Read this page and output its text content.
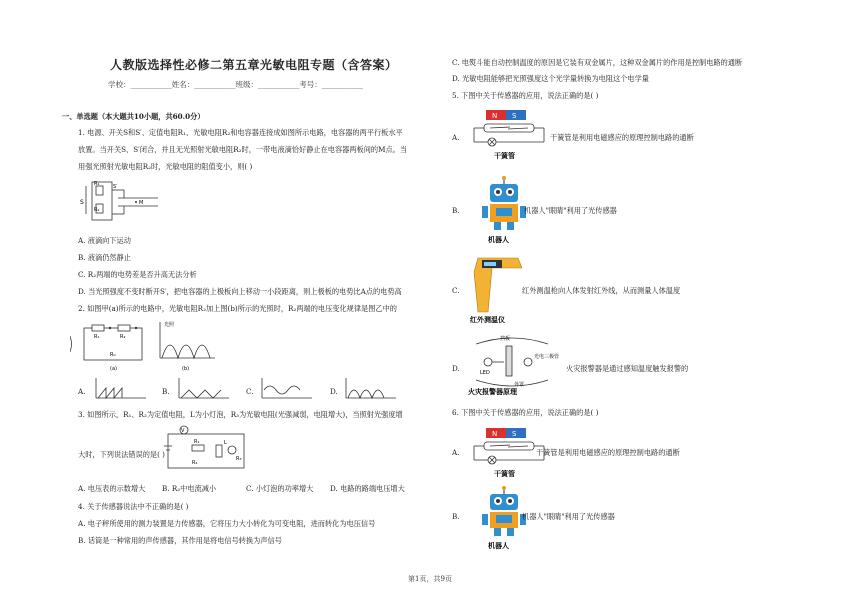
人教版选择性必修二第五章光敏电阻专题（含答案）
学校：___________姓名：___________班级：___________考号：___________
一、单选题（本大题共10小题，共60.0分）
1. 电源、开关S和S′、定值电阻R₁、光敏电阻R₂和电容器连接成如图所示电路，电容器的两平行板水平
放置。当开关S、S′闭合，并且无光照射光敏电阻R₂时，一带电液滴恰好静止在电容器两板间的M点。当
用强光照射光敏电阻R₂时，光敏电阻的阻值变小，则( )
R₁	S′
S
R₂
M
A. 液滴向下运动
B. 液滴仍然静止
C. R₂两端的电势差是否升高无法分析
D. 当光照强度不变时断开S′，把电容器的上极板向上移动一小段距离，则上极板的电势比A点的电势高
2. 如图甲(a)所示的电路中，光敏电阻R₂加上图(b)所示的光照时，R₂两端的电压变化规律是图乙中的
R₁	R₂
R₀
光照
(a)	(b)
A.	B.	C.	D.
3. 如图所示，R₁、R₂为定值电阻，L为小灯泡，R₃为光敏电阻(光强减弱，电阻增大)，当照射光强度增
大时，下列说法错误的是( )
V
R₁	L
R₃
R₂
A. 电压表的示数增大 B. R₂中电流减小	C. 小灯泡的功率增大 D. 电路的路端电压增大
4. 关于传感器说法中不正确的是( )
A. 电子秤所使用的测力装置是力传感器，它将压力大小转化为可变电阻，进而转化为电压信号
B. 话筒是一种常用的声传感器，其作用是将电信号转换为声信号
C. 电熨斗能自动控制温度的原因是它装有双金属片，这种双金属片的作用是控制电路的通断
D. 光敏电阻能够把光照强度这个光学量转换为电阻这个电学量
5. 下图中关于传感器的应用，说法正确的是( )
A.
N S
干簧管
干簧管是利用电磁感应的原理控制电路的通断
B.
机器人
机器人"眼睛"利用了光传感器
C.
红外测温仪
红外测温枪向人体发射红外线，从而测量人体温度
D.
挡板
光电三极管
LED
外罩
火灾报警器原理
火灾报警器是通过感知温度触发报警的
6. 下图中关于传感器的应用，说法正确的是( )
A.
N S
干簧管
干簧管是利用电磁感应的原理控制电路的通断
B.
机器人
机器人"眼睛"利用了光传感器
第1页，共9页
